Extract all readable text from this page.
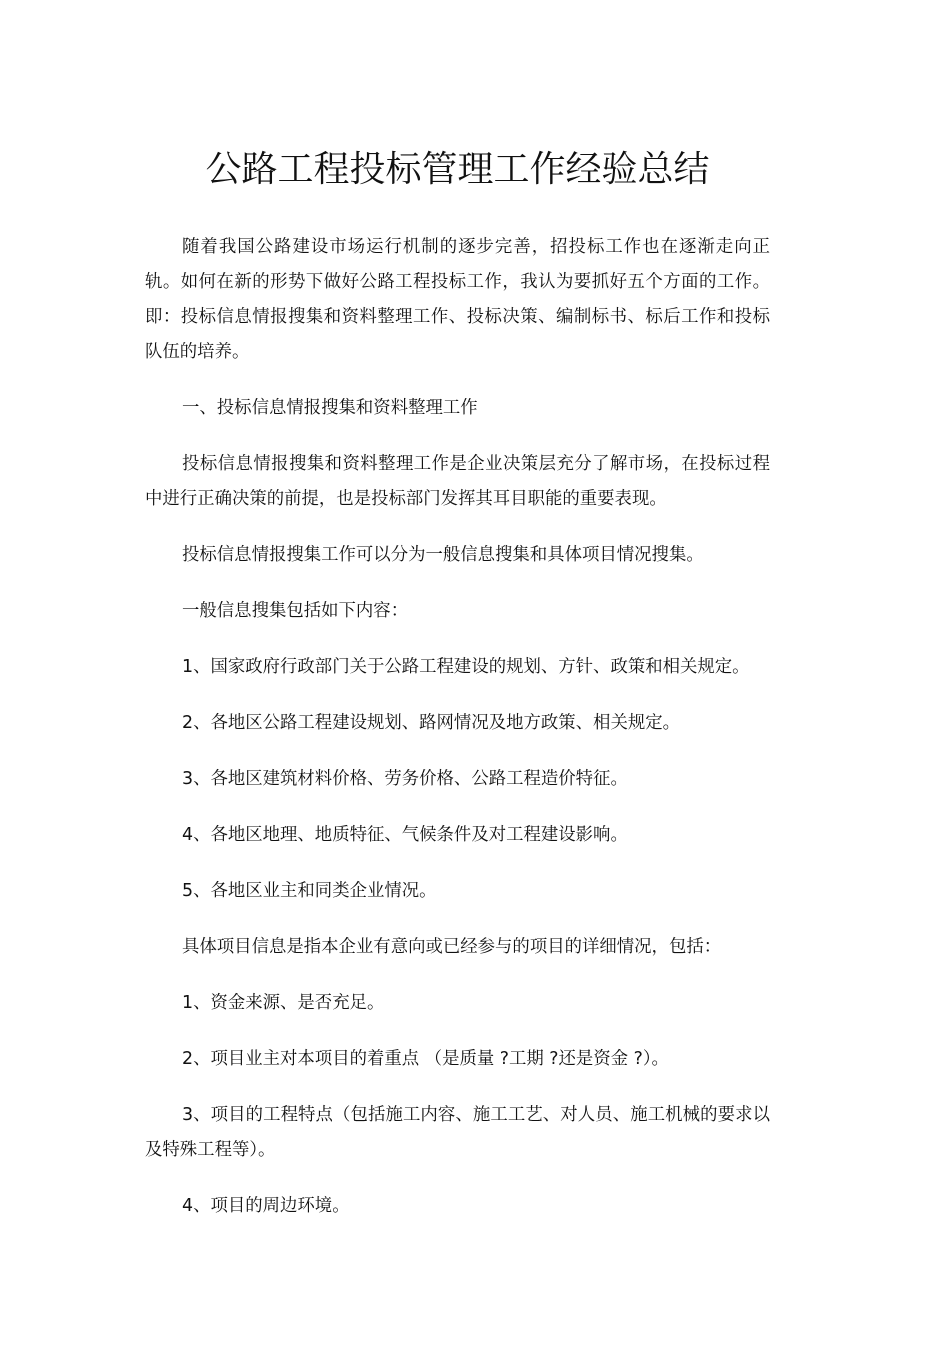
公路工程投标管理工作经验总结

随着我国公路建设市场运行机制的逐步完善，招投标工作也在逐渐走向正轨。如何在新的形势下做好公路工程投标工作，我认为要抓好五个方面的工作。即：投标信息情报搜集和资料整理工作、投标决策、编制标书、标后工作和投标队伍的培养。

一、投标信息情报搜集和资料整理工作

投标信息情报搜集和资料整理工作是企业决策层充分了解市场，在投标过程中进行正确决策的前提，也是投标部门发挥其耳目职能的重要表现。

投标信息情报搜集工作可以分为一般信息搜集和具体项目情况搜集。

一般信息搜集包括如下内容：

1、国家政府行政部门关于公路工程建设的规划、方针、政策和相关规定。

2、各地区公路工程建设规划、路网情况及地方政策、相关规定。

3、各地区建筑材料价格、劳务价格、公路工程造价特征。

4、各地区地理、地质特征、气候条件及对工程建设影响。

5、各地区业主和同类企业情况。

具体项目信息是指本企业有意向或已经参与的项目的详细情况，包括：

1、资金来源、是否充足。

2、项目业主对本项目的着重点 （是质量 ?工期 ?还是资金 ?）。

3、项目的工程特点（包括施工内容、施工工艺、对人员、施工机械的要求以及特殊工程等）。

4、项目的周边环境。
